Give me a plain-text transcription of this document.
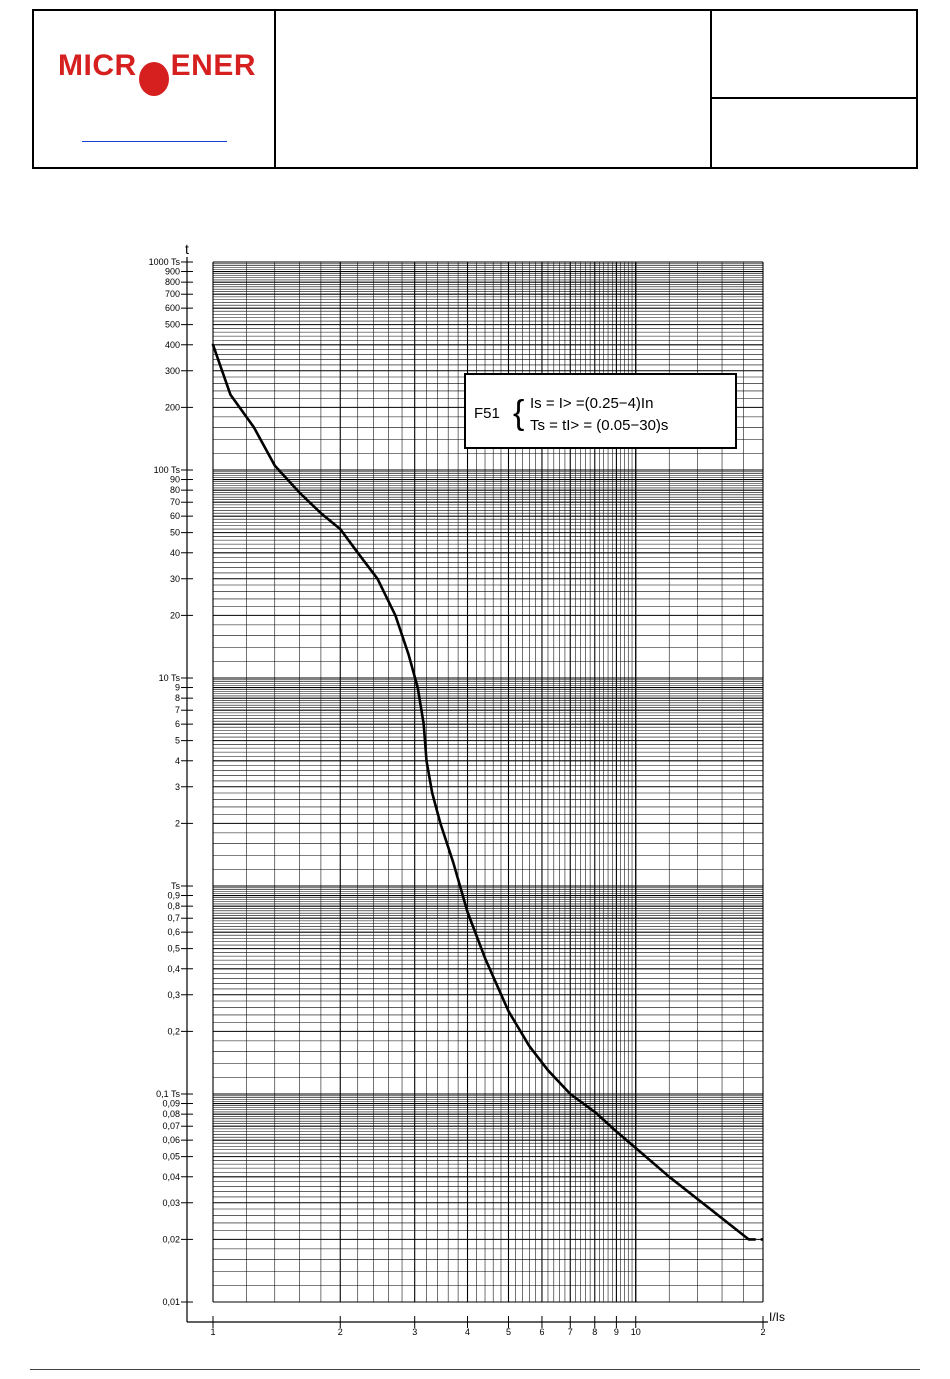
MICR ENER
1000 Ts
900
800
700
600
500
400
300
200
100 Ts
90
80
70
60
50
40
30
20
10 Ts
9
8
7
6
5
4
3
2
Ts
0,9
0,8
0,7
0,6
0,5
0,4
0,3
0,2
0,1 Ts
0,09
0,08
0,07
0,06
0,05
0,04
0,03
0,02
0,01
1	2	3	4	5	6	7 8 9 10	2
t
I/Is
F51 { Is = I> =(0.25−4)In
Ts = tI> = (0.05−30)s
